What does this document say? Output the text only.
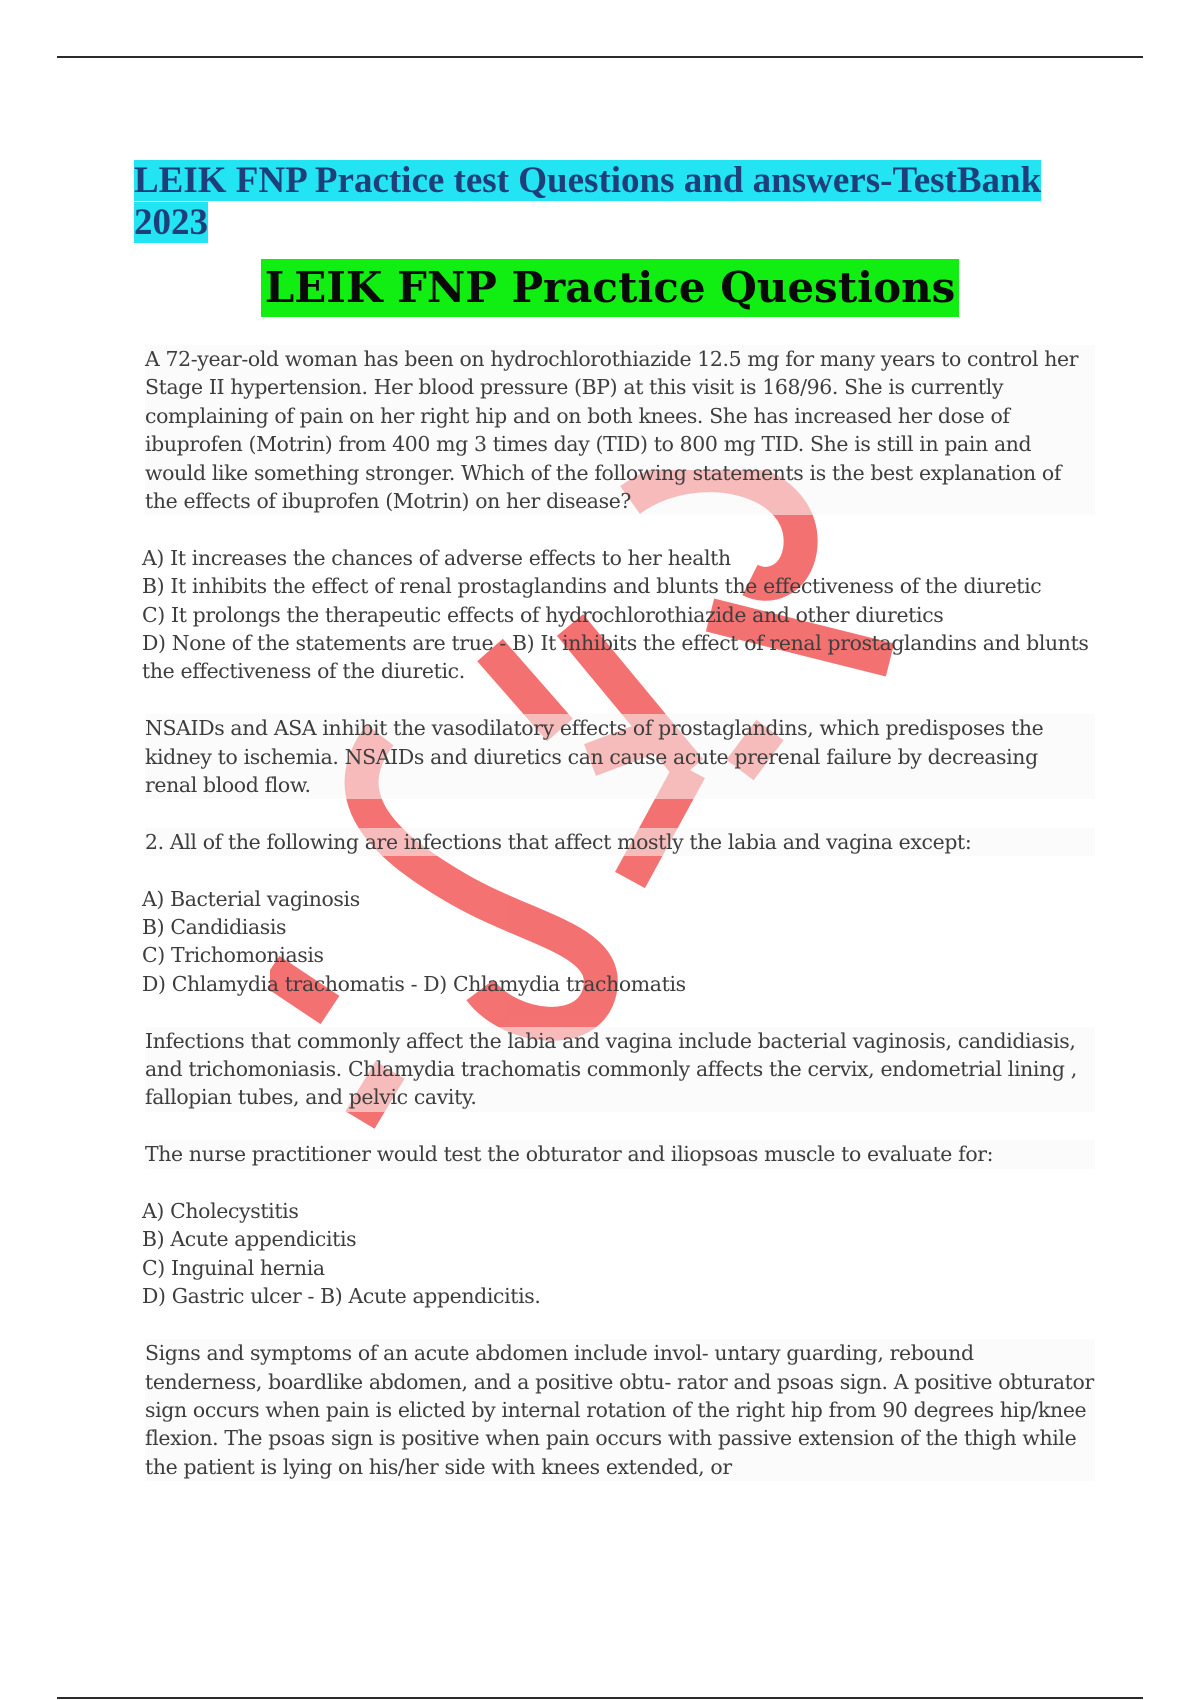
LEIK FNP Practice test Questions and answers-TestBank
2023
LEIK FNP Practice Questions

A 72-year-old woman has been on hydrochlorothiazide 12.5 mg for many years to control her Stage II hypertension. Her blood pressure (BP) at this visit is 168/96. She is currently complaining of pain on her right hip and on both knees. She has increased her dose of ibuprofen (Motrin) from 400 mg 3 times day (TID) to 800 mg TID. She is still in pain and would like something stronger. Which of the following statements is the best explanation of the effects of ibuprofen (Motrin) on her disease?

A) It increases the chances of adverse effects to her health
B) It inhibits the effect of renal prostaglandins and blunts the effectiveness of the diuretic
C) It prolongs the therapeutic effects of hydrochlorothiazide and other diuretics
D) None of the statements are true - B) It inhibits the effect of renal prostaglandins and blunts the effectiveness of the diuretic.

NSAIDs and ASA inhibit the vasodilatory effects of prostaglandins, which predisposes the kidney to ischemia. NSAIDs and diuretics can cause acute prerenal failure by decreasing renal blood flow.

2. All of the following are infections that affect mostly the labia and vagina except:

A) Bacterial vaginosis
B) Candidiasis
C) Trichomoniasis
D) Chlamydia trachomatis - D) Chlamydia trachomatis

Infections that commonly affect the labia and vagina include bacterial vaginosis, candidiasis, and trichomoniasis. Chlamydia trachomatis commonly affects the cervix, endometrial lining , fallopian tubes, and pelvic cavity.

The nurse practitioner would test the obturator and iliopsoas muscle to evaluate for:

A) Cholecystitis
B) Acute appendicitis
C) Inguinal hernia
D) Gastric ulcer - B) Acute appendicitis.

Signs and symptoms of an acute abdomen include invol- untary guarding, rebound tenderness, boardlike abdomen, and a positive obtu- rator and psoas sign. A positive obturator sign occurs when pain is elicted by internal rotation of the right hip from 90 degrees hip/knee flexion. The psoas sign is positive when pain occurs with passive extension of the thigh while the patient is lying on his/her side with knees extended, or
